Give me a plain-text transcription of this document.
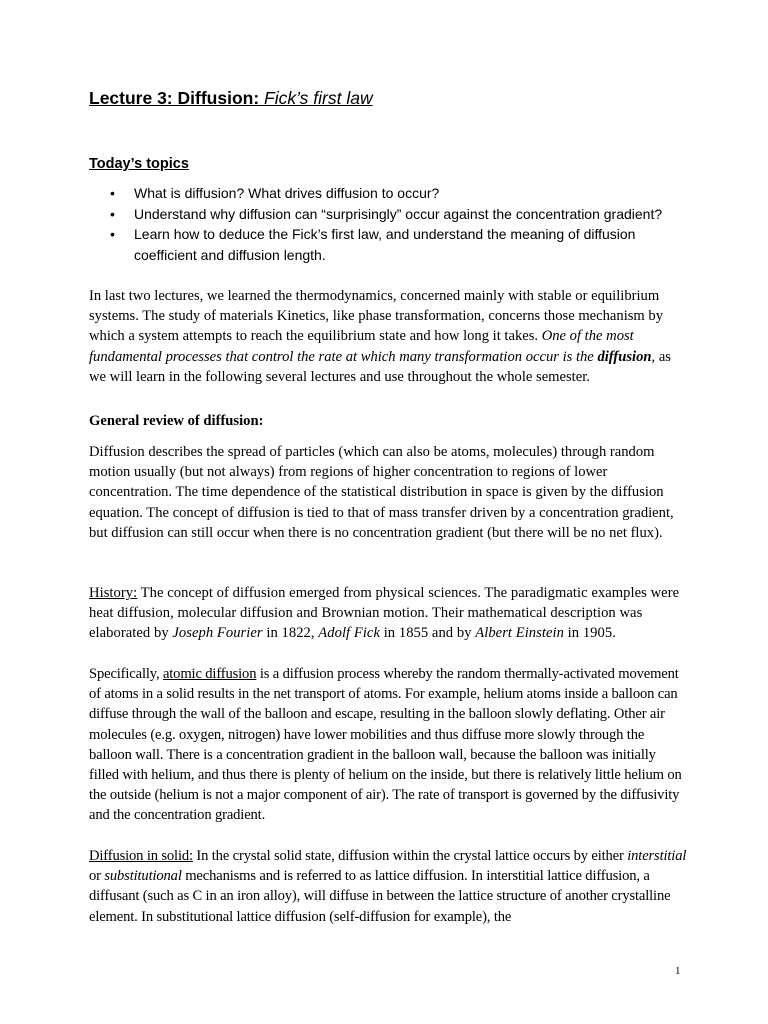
Lecture 3: Diffusion: Fick’s first law
Today’s topics
• What is diffusion? What drives diffusion to occur?
• Understand why diffusion can “surprisingly” occur against the concentration gradient?
• Learn how to deduce the Fick’s first law, and understand the meaning of diffusion coefficient and diffusion length.

In last two lectures, we learned the thermodynamics, concerned mainly with stable or equilibrium systems. The study of materials Kinetics, like phase transformation, concerns those mechanism by which a system attempts to reach the equilibrium state and how long it takes. One of the most fundamental processes that control the rate at which many transformation occur is the diffusion, as we will learn in the following several lectures and use throughout the whole semester.

General review of diffusion:

Diffusion describes the spread of particles (which can also be atoms, molecules) through random motion usually (but not always) from regions of higher concentration to regions of lower concentration. The time dependence of the statistical distribution in space is given by the diffusion equation. The concept of diffusion is tied to that of mass transfer driven by a concentration gradient, but diffusion can still occur when there is no concentration gradient (but there will be no net flux).

History: The concept of diffusion emerged from physical sciences. The paradigmatic examples were heat diffusion, molecular diffusion and Brownian motion. Their mathematical description was elaborated by Joseph Fourier in 1822, Adolf Fick in 1855 and by Albert Einstein in 1905.

Specifically, atomic diffusion is a diffusion process whereby the random thermally-activated movement of atoms in a solid results in the net transport of atoms. For example, helium atoms inside a balloon can diffuse through the wall of the balloon and escape, resulting in the balloon slowly deflating. Other air molecules (e.g. oxygen, nitrogen) have lower mobilities and thus diffuse more slowly through the balloon wall. There is a concentration gradient in the balloon wall, because the balloon was initially filled with helium, and thus there is plenty of helium on the inside, but there is relatively little helium on the outside (helium is not a major component of air). The rate of transport is governed by the diffusivity and the concentration gradient.

Diffusion in solid: In the crystal solid state, diffusion within the crystal lattice occurs by either interstitial or substitutional mechanisms and is referred to as lattice diffusion. In interstitial lattice diffusion, a diffusant (such as C in an iron alloy), will diffuse in between the lattice structure of another crystalline element. In substitutional lattice diffusion (self-diffusion for example), the

1
